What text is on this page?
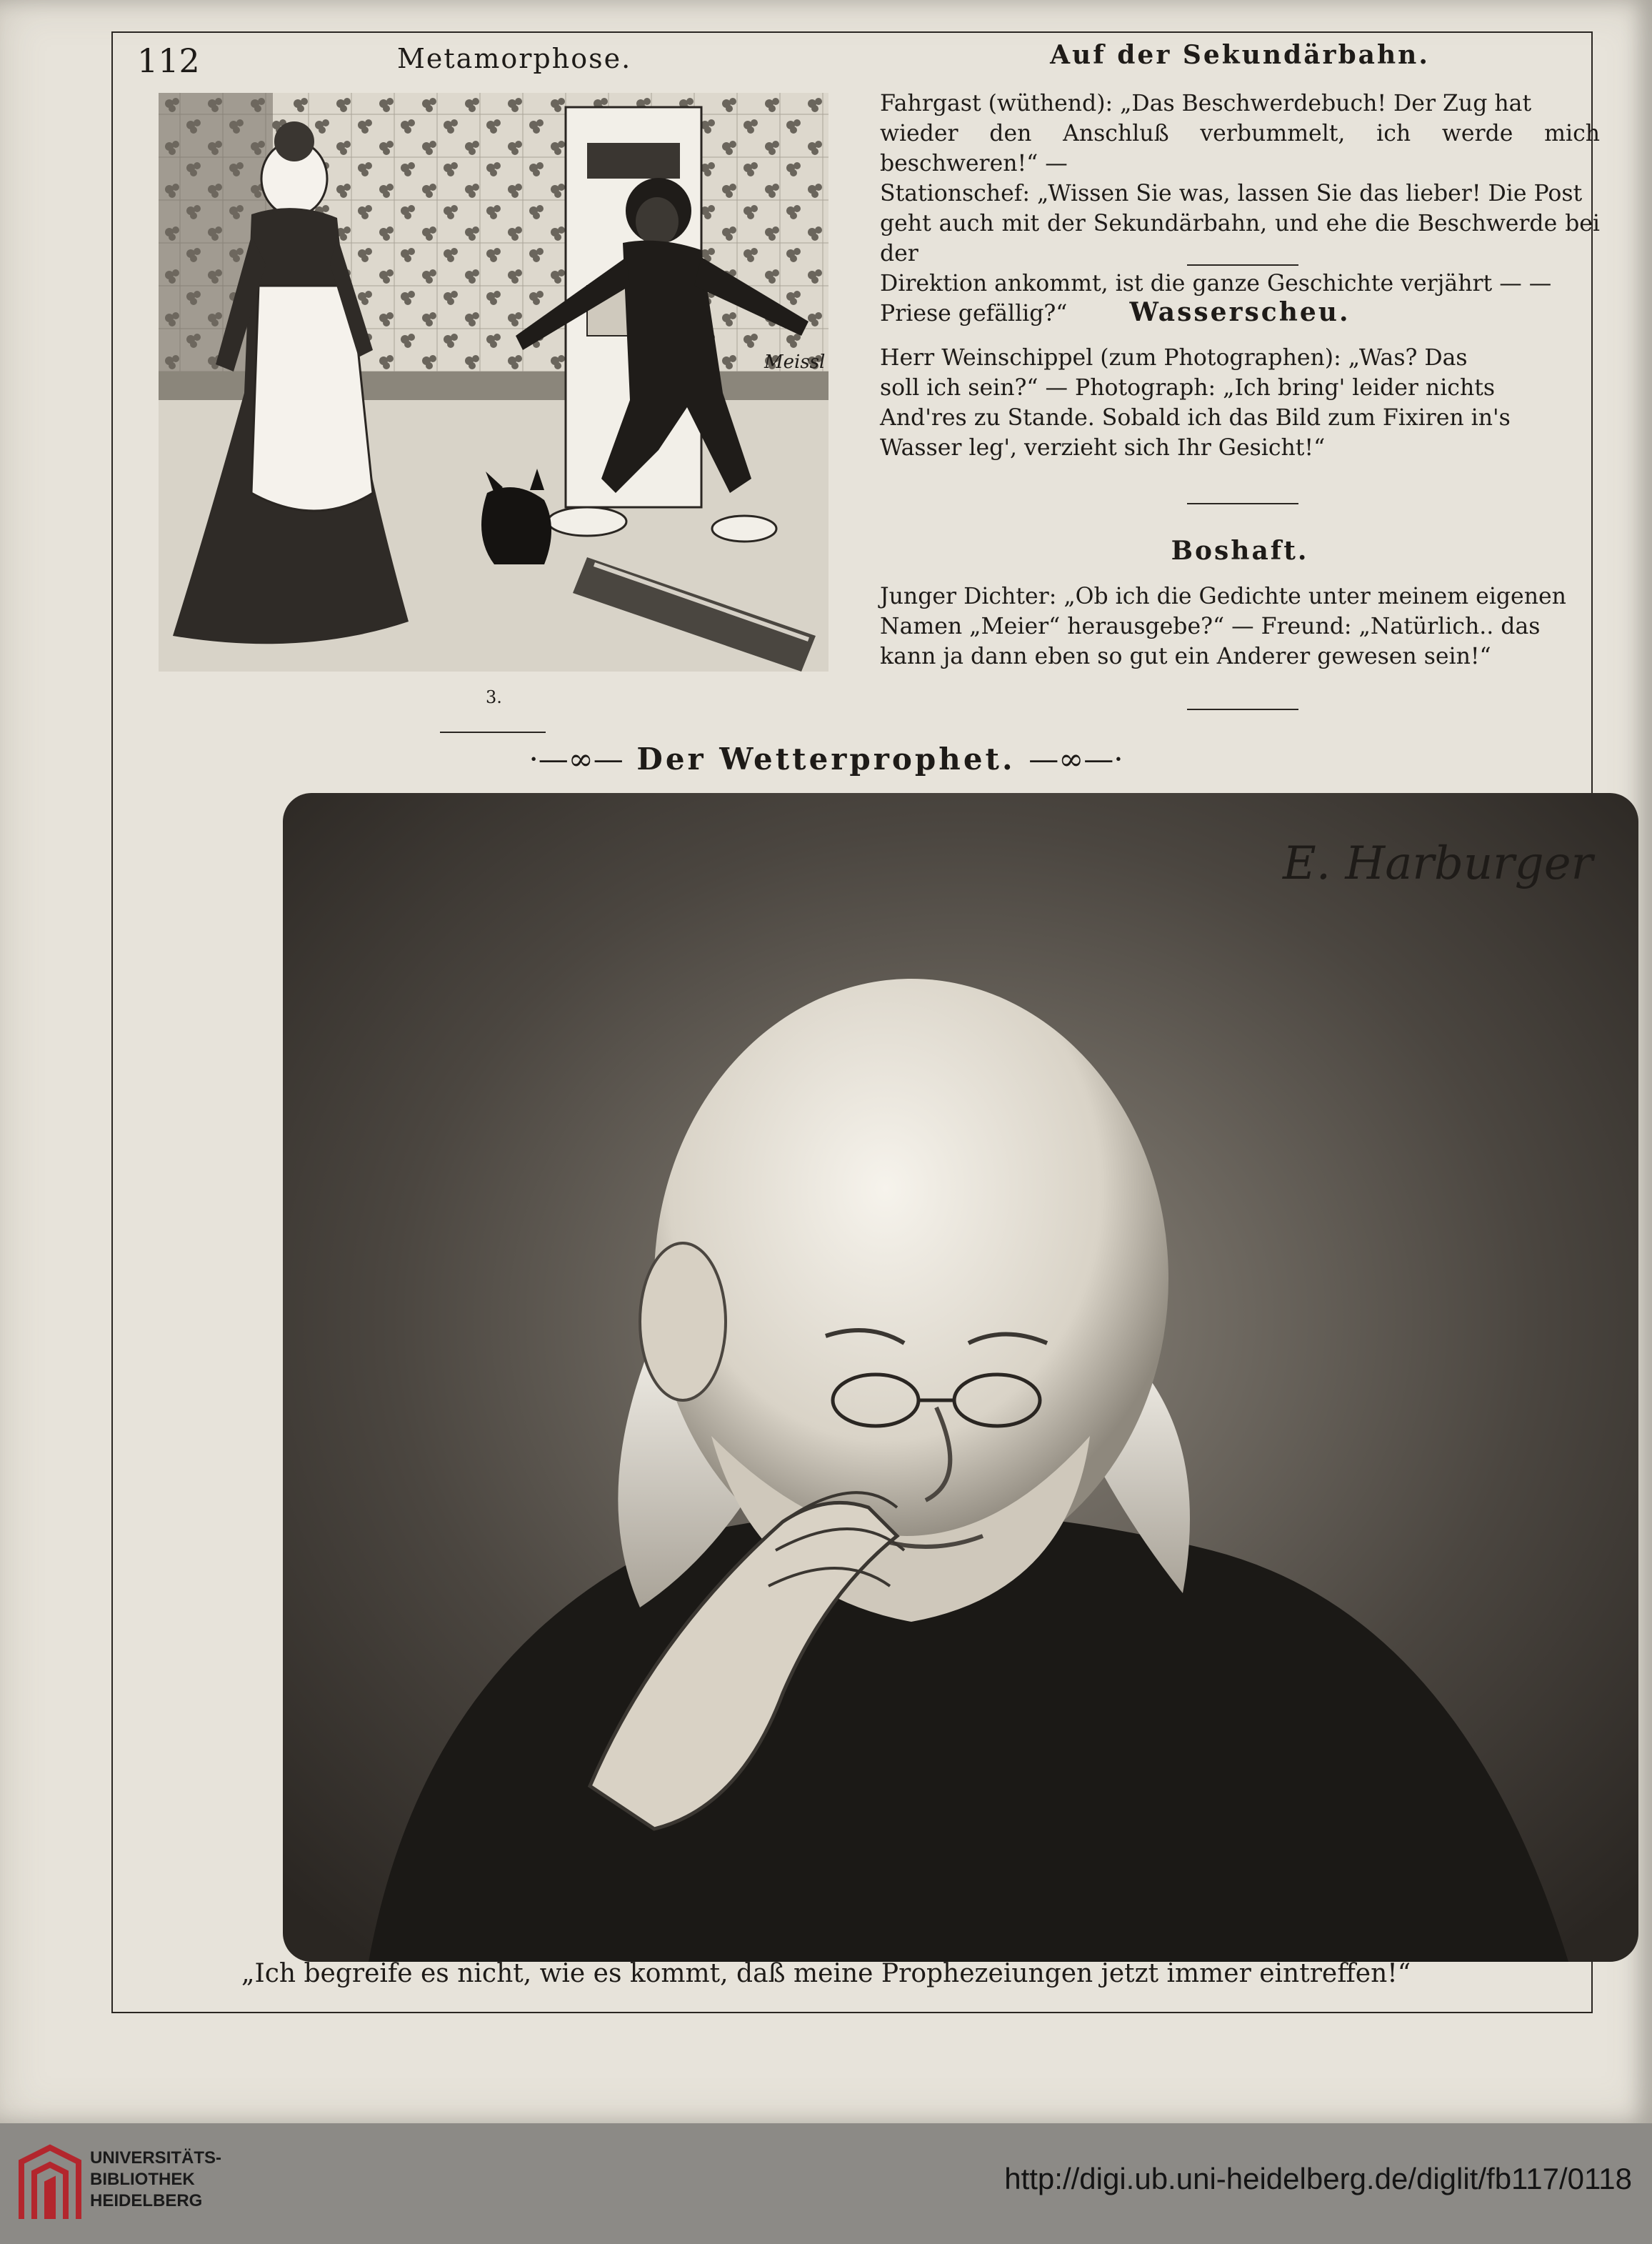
112	Metamorphose.
Meissl
3.
Auf der Sekundärbahn.
Fahrgast (wüthend): „Das Beschwerdebuch! Der Zug hat
wieder den Anschluß verbummelt, ich werde mich beschweren!“ —
Stationschef: „Wissen Sie was, lassen Sie das lieber! Die Post
geht auch mit der Sekundärbahn, und ehe die Beschwerde bei der
Direktion ankommt, ist die ganze Geschichte verjährt — —
Priese gefällig?“	Wasserscheu.
Herr Weinschippel (zum Photographen): „Was? Das
soll ich sein?“ — Photograph: „Ich bring' leider nichts
And'res zu Stande. Sobald ich das Bild zum Fixiren in's
Wasser leg', verzieht sich Ihr Gesicht!“
Boshaft.
Junger Dichter: „Ob ich die Gedichte unter meinem eigenen
Namen „Meier“ herausgebe?“ — Freund: „Natürlich.. das
kann ja dann eben so gut ein Anderer gewesen sein!“
·—∞— Der Wetterprophet. —∞—·
E. Harburger
„Ich begreife es nicht, wie es kommt, daß meine Prophezeiungen jetzt immer eintreffen!“
UNIVERSITÄTS-
BIBLIOTHEK
HEIDELBERG
http://digi.ub.uni-heidelberg.de/diglit/fb117/0118
